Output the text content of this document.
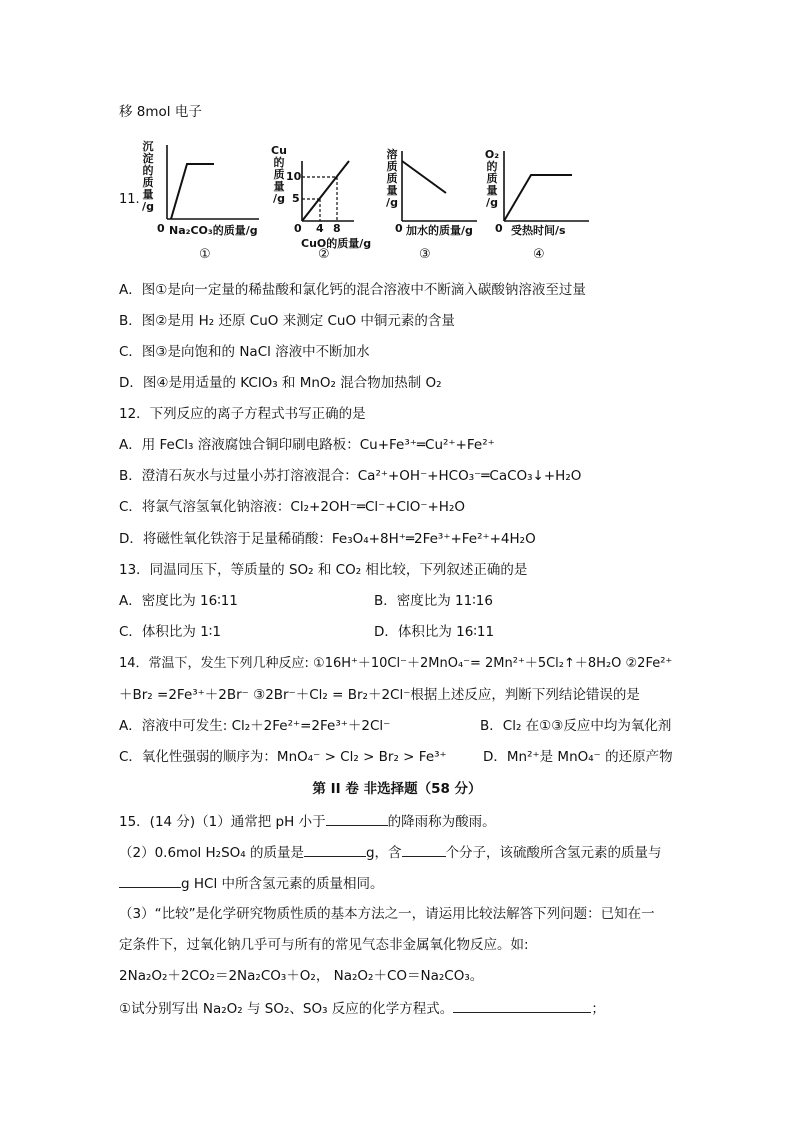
移 8mol 电子
11.
沉
淀
的
质
量
/g
0 Na₂CO₃的质量/g
①
Cu
的
质
量
/g
10
5
0 4 8
CuO的质量/g
②
溶
质
质
量
/g
0 加水的质量/g
③
O₂
的
质
量
/g
0 受热时间/s
④
A．图①是向一定量的稀盐酸和氯化钙的混合溶液中不断滴入碳酸钠溶液至过量
B．图②是用 H₂ 还原 CuO 来测定 CuO 中铜元素的含量
C．图③是向饱和的 NaCl 溶液中不断加水
D．图④是用适量的 KClO₃ 和 MnO₂ 混合物加热制 O₂
12．下列反应的离子方程式书写正确的是
A．用 FeCl₃ 溶液腐蚀合铜印刷电路板：Cu+Fe³⁺═Cu²⁺+Fe²⁺
B．澄清石灰水与过量小苏打溶液混合：Ca²⁺+OH⁻+HCO₃⁻═CaCO₃↓+H₂O
C．将氯气溶氢氧化钠溶液：Cl₂+2OH⁻═Cl⁻+ClO⁻+H₂O
D．将磁性氧化铁溶于足量稀硝酸：Fe₃O₄+8H⁺═2Fe³⁺+Fe²⁺+4H₂O
13．同温同压下，等质量的 SO₂ 和 CO₂ 相比较，下列叙述正确的是
A．密度比为 16∶11	B．密度比为 11∶16
C．体积比为 1∶1	D．体积比为 16∶11
14．常温下，发生下列几种反应: ①16H⁺＋10Cl⁻＋2MnO₄⁻= 2Mn²⁺＋5Cl₂↑＋8H₂O ②2Fe²⁺
＋Br₂ =2Fe³⁺＋2Br⁻ ③2Br⁻＋Cl₂ = Br₂＋2Cl⁻根据上述反应，判断下列结论错误的是
A．溶液中可发生: Cl₂＋2Fe²⁺=2Fe³⁺＋2Cl⁻	B．Cl₂ 在①③反应中均为氧化剂
C．氧化性强弱的顺序为：MnO₄⁻ > Cl₂ > Br₂ > Fe³⁺	D．Mn²⁺是 MnO₄⁻ 的还原产物
第 II 卷 非选择题（58 分）
15．(14 分)（1）通常把 pH 小于	的降雨称为酸雨。
（2）0.6mol H₂SO₄ 的质量是	g，含	个分子，该硫酸所含氢元素的质量与
g HCl 中所含氢元素的质量相同。
（3）“比较”是化学研究物质性质的基本方法之一，请运用比较法解答下列问题：已知在一
定条件下，过氧化钠几乎可与所有的常见气态非金属氧化物反应。如:
2Na₂O₂＋2CO₂＝2Na₂CO₃＋O₂， Na₂O₂＋CO＝Na₂CO₃。
①试分别写出 Na₂O₂ 与 SO₂、SO₃ 反应的化学方程式。	；
